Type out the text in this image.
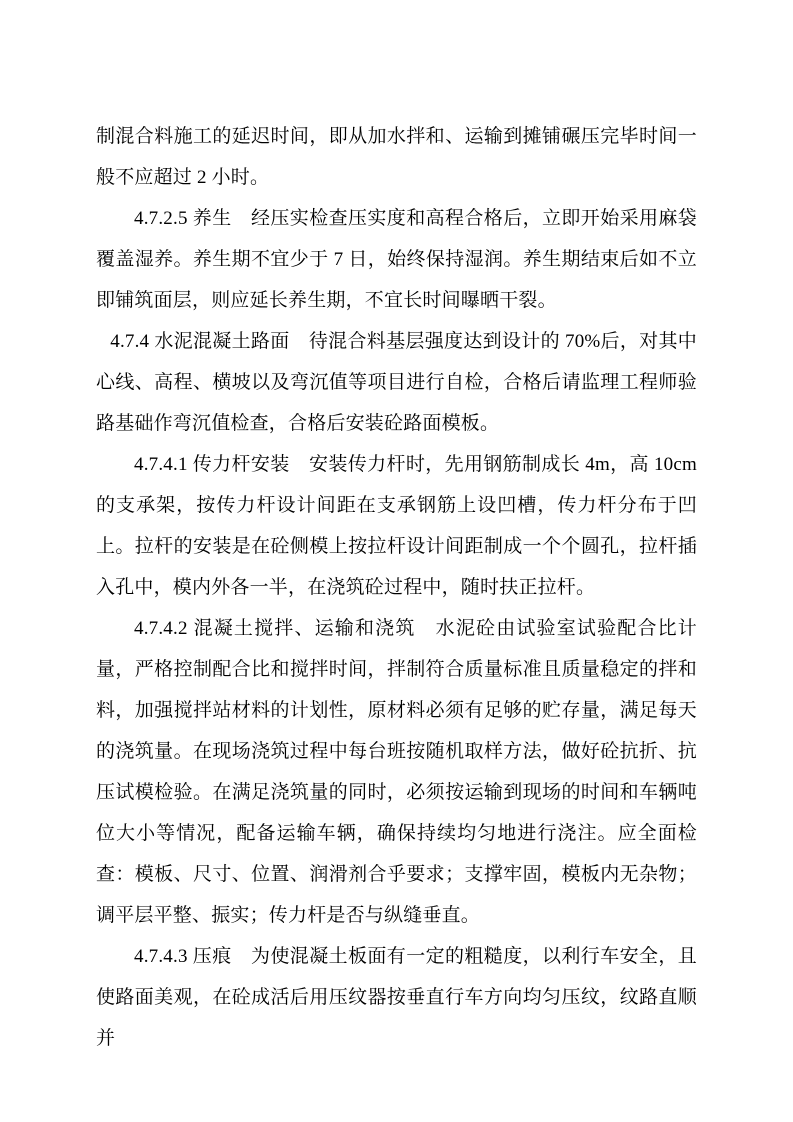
制混合料施工的延迟时间，即从加水拌和、运输到摊铺碾压完毕时间一般不应超过 2 小时。

4.7.2.5 养生　经压实检查压实度和高程合格后，立即开始采用麻袋覆盖湿养。养生期不宜少于 7 日，始终保持湿润。养生期结束后如不立即铺筑面层，则应延长养生期，不宜长时间曝晒干裂。

4.7.4 水泥混凝土路面　待混合料基层强度达到设计的 70%后，对其中心线、高程、横坡以及弯沉值等项目进行自检，合格后请监理工程师验路基础作弯沉值检查，合格后安装砼路面模板。

4.7.4.1 传力杆安装　安装传力杆时，先用钢筋制成长 4m，高 10cm 的支承架，按传力杆设计间距在支承钢筋上设凹槽，传力杆分布于凹上。拉杆的安装是在砼侧模上按拉杆设计间距制成一个个圆孔，拉杆插入孔中，模内外各一半，在浇筑砼过程中，随时扶正拉杆。

4.7.4.2 混凝土搅拌、运输和浇筑　水泥砼由试验室试验配合比计量，严格控制配合比和搅拌时间，拌制符合质量标准且质量稳定的拌和料，加强搅拌站材料的计划性，原材料必须有足够的贮存量，满足每天的浇筑量。在现场浇筑过程中每台班按随机取样方法，做好砼抗折、抗压试模检验。在满足浇筑量的同时，必须按运输到现场的时间和车辆吨位大小等情况，配备运输车辆，确保持续均匀地进行浇注。应全面检查：模板、尺寸、位置、润滑剂合乎要求；支撑牢固，模板内无杂物；调平层平整、振实；传力杆是否与纵缝垂直。

4.7.4.3 压痕　为使混凝土板面有一定的粗糙度，以利行车安全，且使路面美观，在砼成活后用压纹器按垂直行车方向均匀压纹，纹路直顺并
